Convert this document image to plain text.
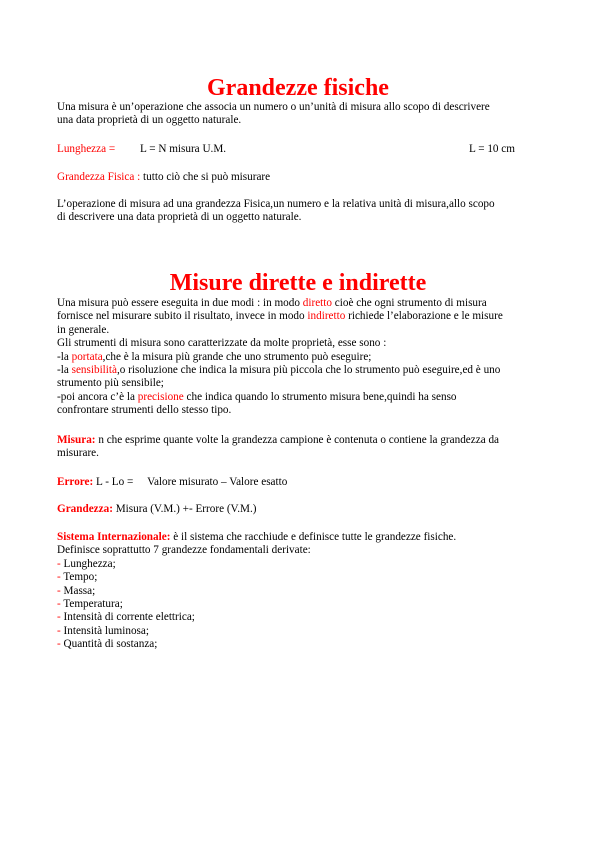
Grandezze fisiche
Una misura è un’operazione che associa un numero o un’unità di misura allo scopo di descrivere
una data proprietà di un oggetto naturale.
Lunghezza = L = N misura U.M.	L = 10 cm
Grandezza Fisica : tutto ciò che si può misurare
L’operazione di misura ad una grandezza Fisica,un numero e la relativa unità di misura,allo scopo
di descrivere una data proprietà di un oggetto naturale.
Misure dirette e indirette
Una misura può essere eseguita in due modi : in modo diretto cioè che ogni strumento di misura
fornisce nel misurare subito il risultato, invece in modo indiretto richiede l’elaborazione e le misure
in generale.
Gli strumenti di misura sono caratterizzate da molte proprietà, esse sono :
-la portata,che è la misura più grande che uno strumento può eseguire;
-la sensibilità,o risoluzione che indica la misura più piccola che lo strumento può eseguire,ed è uno
strumento più sensibile;
-poi ancora c’è la precisione che indica quando lo strumento misura bene,quindi ha senso
confrontare strumenti dello stesso tipo.
Misura: n che esprime quante volte la grandezza campione è contenuta o contiene la grandezza da
misurare.
Errore: L - Lo =     Valore misurato – Valore esatto
Grandezza: Misura (V.M.) +- Errore (V.M.)
Sistema Internazionale: è il sistema che racchiude e definisce tutte le grandezze fisiche.
Definisce soprattutto 7 grandezze fondamentali derivate:
- Lunghezza;
- Tempo;
- Massa;
- Temperatura;
- Intensità di corrente elettrica;
- Intensità luminosa;
- Quantità di sostanza;
